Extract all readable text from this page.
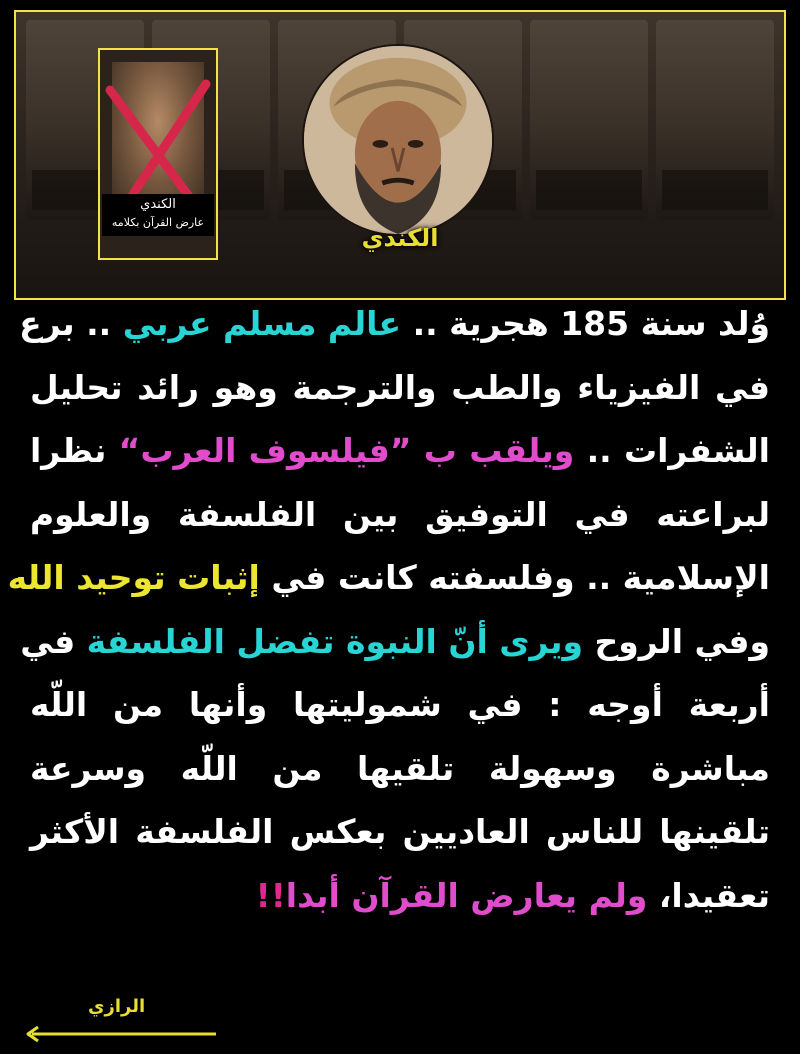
الكندي
عارض القرآن بكلامه
الكندي
وُلد سنة 185 هجرية .. عالم مسلم عربي .. برع
في الفيزياء والطب والترجمة وهو رائد تحليل
الشفرات .. ويلقب ب ”فيلسوف العرب“ نظرا
لبراعته في التوفيق بين الفلسفة والعلوم
الإسلامية .. وفلسفته كانت في إثبات توحيد الله
وفي الروح ويرى أنّ النبوة تفضل الفلسفة في
أربعة أوجه : في شموليتها وأنها من اللّه
مباشرة وسهولة تلقيها من اللّه وسرعة
تلقينها للناس العاديين بعكس الفلسفة الأكثر
تعقيدا، ولم يعارض القرآن أبدا!!
الرازي
